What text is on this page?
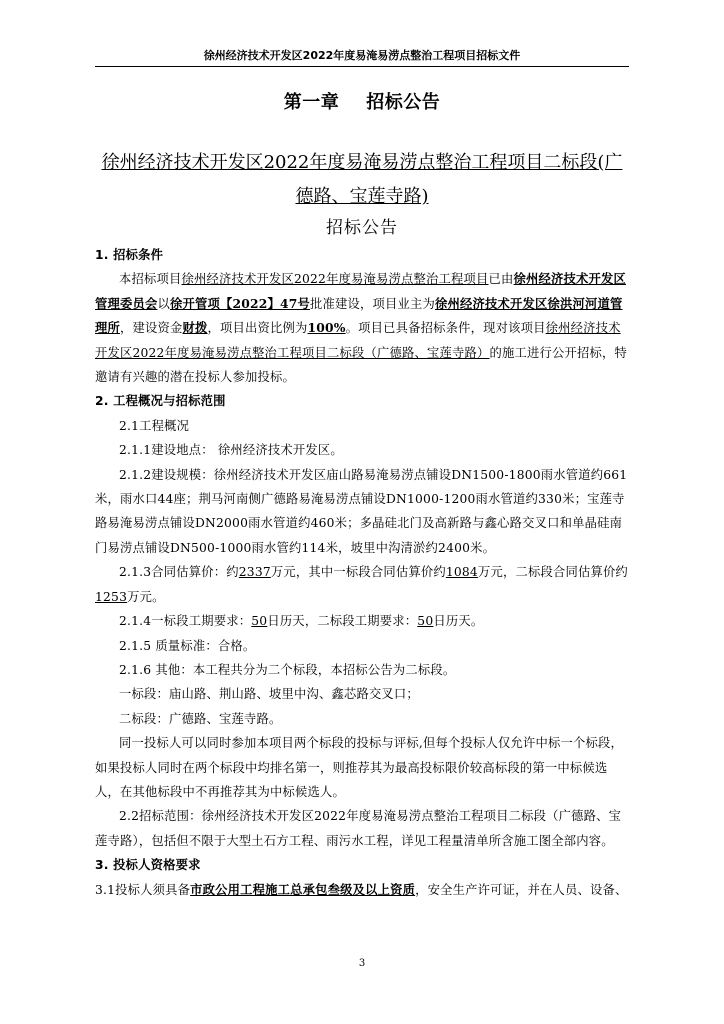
徐州经济技术开发区2022年度易淹易涝点整治工程项目招标文件
第一章    招标公告
徐州经济技术开发区2022年度易淹易涝点整治工程项目二标段(广德路、宝莲寺路)
招标公告

1. 招标条件

本招标项目徐州经济技术开发区2022年度易淹易涝点整治工程项目已由徐州经济技术开发区管理委员会以徐开管项【2022】47号批准建设，项目业主为徐州经济技术开发区徐洪河河道管理所，建设资金财拨，项目出资比例为100%。项目已具备招标条件，现对该项目徐州经济技术开发区2022年度易淹易涝点整治工程项目二标段（广德路、宝莲寺路）的施工进行公开招标，特邀请有兴趣的潜在投标人参加投标。

2. 工程概况与招标范围

2.1工程概况

2.1.1建设地点： 徐州经济技术开发区。

2.1.2建设规模：徐州经济技术开发区庙山路易淹易涝点铺设DN1500-1800雨水管道约661米，雨水口44座；荆马河南侧广德路易淹易涝点铺设DN1000-1200雨水管道约330米；宝莲寺路易淹易涝点铺设DN2000雨水管道约460米；多晶硅北门及高新路与鑫心路交叉口和单晶硅南门易涝点铺设DN500-1000雨水管约114米，坡里中沟清淤约2400米。

2.1.3合同估算价：约2337万元，其中一标段合同估算价约1084万元，二标段合同估算价约1253万元。

2.1.4一标段工期要求：50日历天，二标段工期要求：50日历天。

2.1.5 质量标准：合格。

2.1.6 其他：本工程共分为二个标段，本招标公告为二标段。

一标段：庙山路、荆山路、坡里中沟、鑫芯路交叉口；

二标段：广德路、宝莲寺路。

同一投标人可以同时参加本项目两个标段的投标与评标,但每个投标人仅允许中标一个标段，如果投标人同时在两个标段中均排名第一，则推荐其为最高投标限价较高标段的第一中标候选人，在其他标段中不再推荐其为中标候选人。

2.2招标范围：徐州经济技术开发区2022年度易淹易涝点整治工程项目二标段（广德路、宝莲寺路），包括但不限于大型土石方工程、雨污水工程，详见工程量清单所含施工图全部内容。

3. 投标人资格要求

3.1投标人须具备市政公用工程施工总承包叁级及以上资质，安全生产许可证，并在人员、设备、

3
